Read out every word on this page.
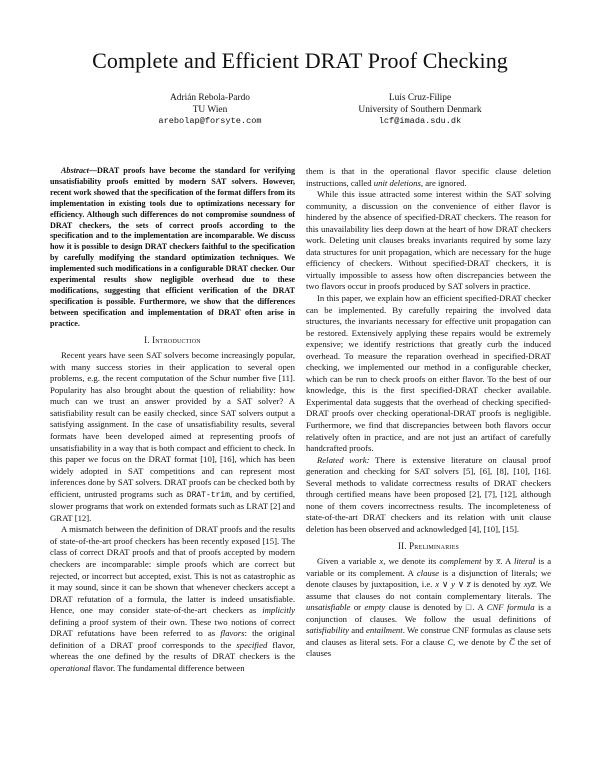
Complete and Efficient DRAT Proof Checking
Adrián Rebola-Pardo
TU Wien
arebolap@forsyte.com
Luís Cruz-Filipe
University of Southern Denmark
lcf@imada.sdu.dk

Abstract—DRAT proofs have become the standard for verifying unsatisfiability proofs emitted by modern SAT solvers. However, recent work showed that the specification of the format differs from its implementation in existing tools due to optimizations necessary for efficiency. Although such differences do not compromise soundness of DRAT checkers, the sets of correct proofs according to the specification and to the implementation are incomparable. We discuss how it is possible to design DRAT checkers faithful to the specification by carefully modifying the standard optimization techniques. We implemented such modifications in a configurable DRAT checker. Our experimental results show negligible overhead due to these modifications, suggesting that efficient verification of the DRAT specification is possible. Furthermore, we show that the differences between specification and implementation of DRAT often arise in practice.

I. Introduction

Recent years have seen SAT solvers become increasingly popular, with many success stories in their application to several open problems, e.g. the recent computation of the Schur number five [11]. Popularity has also brought about the question of reliability: how much can we trust an answer provided by a SAT solver? A satisfiability result can be easily checked, since SAT solvers output a satisfying assignment. In the case of unsatisfiability results, several formats have been developed aimed at representing proofs of unsatisfiability in a way that is both compact and efficient to check. In this paper we focus on the DRAT format [10], [16], which has been widely adopted in SAT competitions and can represent most inferences done by SAT solvers. DRAT proofs can be checked both by efficient, untrusted programs such as DRAT-trim, and by certified, slower programs that work on extended formats such as LRAT [2] and GRAT [12].

A mismatch between the definition of DRAT proofs and the results of state-of-the-art proof checkers has been recently exposed [15]. The class of correct DRAT proofs and that of proofs accepted by modern checkers are incomparable: simple proofs which are correct but rejected, or incorrect but accepted, exist. This is not as catastrophic as it may sound, since it can be shown that whenever checkers accept a DRAT refutation of a formula, the latter is indeed unsatisfiable. Hence, one may consider state-of-the-art checkers as implicitly defining a proof system of their own. These two notions of correct DRAT refutations have been referred to as flavors: the original definition of a DRAT proof corresponds to the specified flavor, whereas the one defined by the results of DRAT checkers is the operational flavor. The fundamental difference between

them is that in the operational flavor specific clause deletion instructions, called unit deletions, are ignored.

While this issue attracted some interest within the SAT solving community, a discussion on the convenience of either flavor is hindered by the absence of specified-DRAT checkers. The reason for this unavailability lies deep down at the heart of how DRAT checkers work. Deleting unit clauses breaks invariants required by some lazy data structures for unit propagation, which are necessary for the huge efficiency of checkers. Without specified-DRAT checkers, it is virtually impossible to assess how often discrepancies between the two flavors occur in proofs produced by SAT solvers in practice.

In this paper, we explain how an efficient specified-DRAT checker can be implemented. By carefully repairing the involved data structures, the invariants necessary for effective unit propagation can be restored. Extensively applying these repairs would be extremely expensive; we identify restrictions that greatly curb the induced overhead. To measure the reparation overhead in specified-DRAT checking, we implemented our method in a configurable checker, which can be run to check proofs on either flavor. To the best of our knowledge, this is the first specified-DRAT checker available. Experimental data suggests that the overhead of checking specified-DRAT proofs over checking operational-DRAT proofs is negligible. Furthermore, we find that discrepancies between both flavors occur relatively often in practice, and are not just an artifact of carefully handcrafted proofs.

Related work: There is extensive literature on clausal proof generation and checking for SAT solvers [5], [6], [8], [10], [16]. Several methods to validate correctness results of DRAT checkers through certified means have been proposed [2], [7], [12], although none of them covers incorrectness results. The incompleteness of state-of-the-art DRAT checkers and its relation with unit clause deletion has been observed and acknowledged [4], [10], [15].

II. Preliminaries

Given a variable x, we denote its complement by x̅. A literal is a variable or its complement. A clause is a disjunction of literals; we denote clauses by juxtaposition, i.e. x ∨ y ∨ z̅ is denoted by xyz̅. We assume that clauses do not contain complementary literals. The unsatisfiable or empty clause is denoted by □. A CNF formula is a conjunction of clauses. We follow the usual definitions of satisfiability and entailment. We construe CNF formulas as clause sets and clauses as literal sets. For a clause C, we denote by C̅ the set of clauses
